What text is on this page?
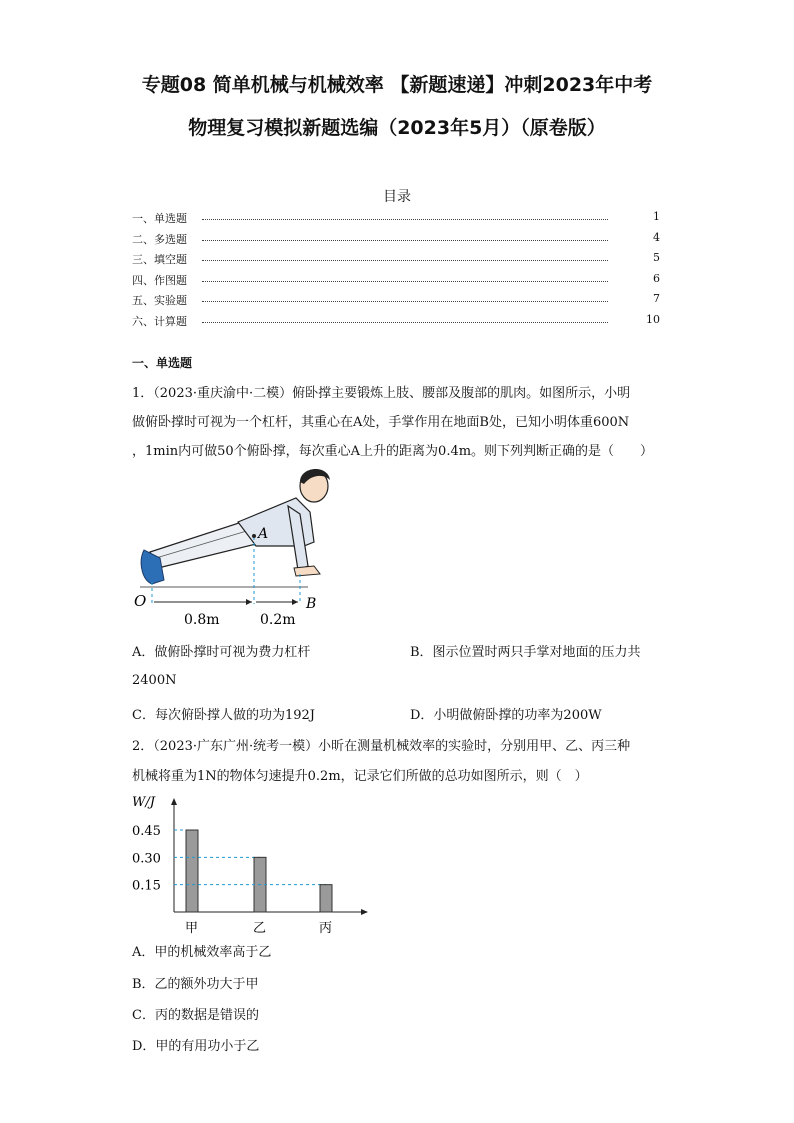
专题08 简单机械与机械效率 【新题速递】冲刺2023年中考
物理复习模拟新题选编（2023年5月）（原卷版）
目录
一、单选题	1
二、多选题	4
三、填空题	5
四、作图题	6
五、实验题	7
六、计算题	10
一、单选题
1．（2023·重庆渝中·二模）俯卧撑主要锻炼上肢、腰部及腹部的肌肉。如图所示，小明
做俯卧撑时可视为一个杠杆，其重心在A处，手掌作用在地面B处，已知小明体重600N
，1min内可做50个俯卧撑，每次重心A上升的距离为0.4m。则下列判断正确的是（　　）
A
O	B
0.8m	0.2m
A．做俯卧撑时可视为费力杠杆	B．图示位置时两只手掌对地面的压力共
2400N
C．每次俯卧撑人做的功为192J	D．小明做俯卧撑的功率为200W
2．（2023·广东广州·统考一模）小昕在测量机械效率的实验时，分别用甲、乙、丙三种
机械将重为1N的物体匀速提升0.2m，记录它们所做的总功如图所示，则（　）
W/J
0.45
甲
0.30
乙
0.15
丙
A．甲的机械效率高于乙
B．乙的额外功大于甲
C．丙的数据是错误的
D．甲的有用功小于乙
